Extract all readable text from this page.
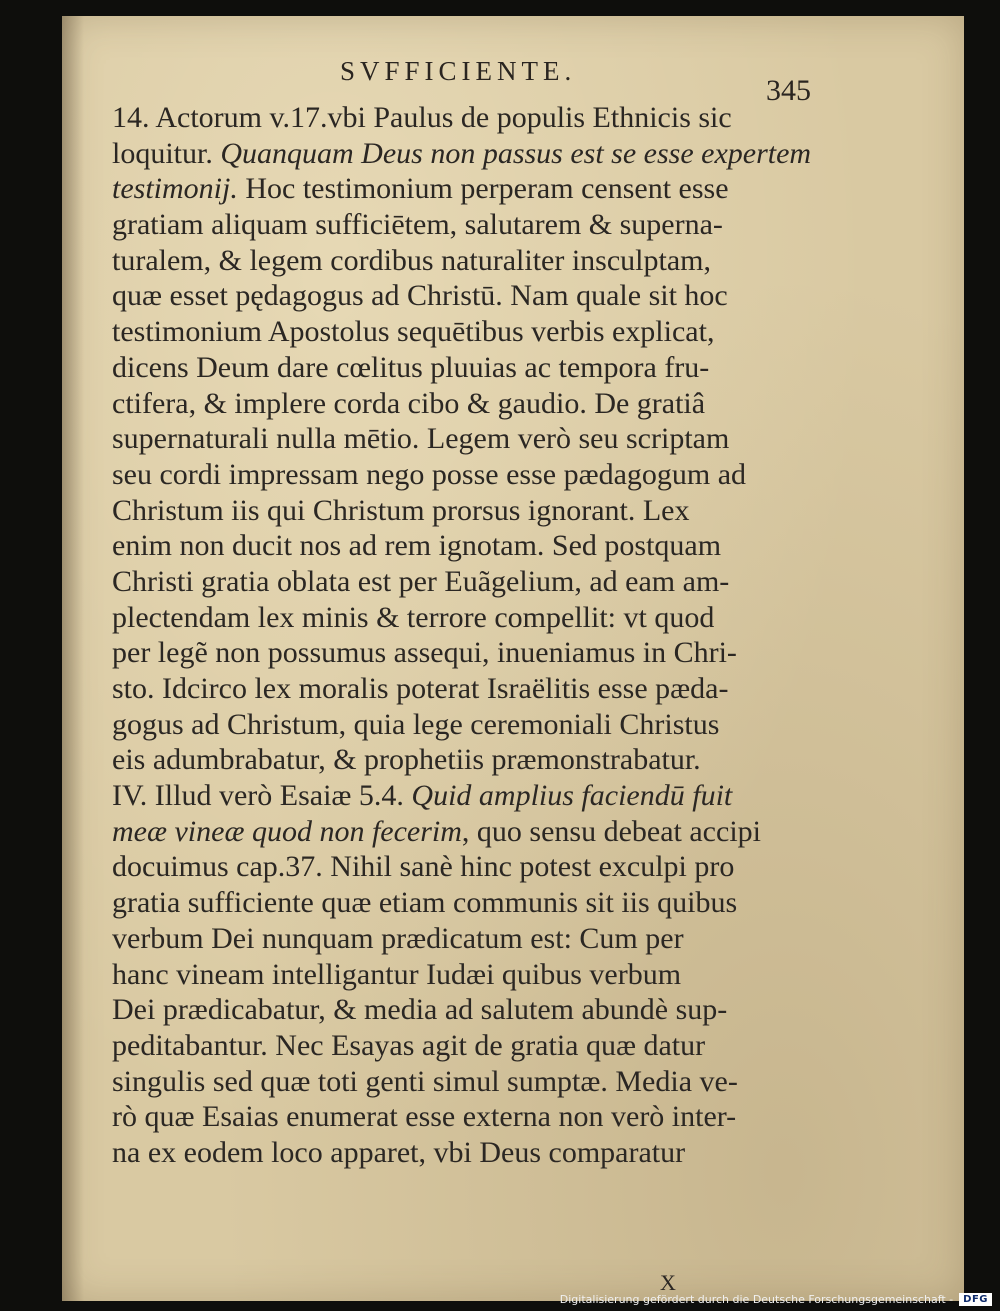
SVFFICIENTE.
345
14. Actorum v.17.vbi Paulus de populis Ethnicis sic
loquitur. Quanquam Deus non passus est se esse expertem
testimonij. Hoc testimonium perperam censent esse
gratiam aliquam sufficiētem, salutarem & superna-
turalem, & legem cordibus naturaliter insculptam,
quæ esset pędagogus ad Christū. Nam quale sit hoc
testimonium Apostolus sequētibus verbis explicat,
dicens Deum dare cœlitus pluuias ac tempora fru-
ctifera, & implere corda cibo & gaudio. De gratiâ
supernaturali nulla mētio. Legem verò seu scriptam
seu cordi impressam nego posse esse pædagogum ad
Christum iis qui Christum prorsus ignorant. Lex
enim non ducit nos ad rem ignotam. Sed postquam
Christi gratia oblata est per Euãgelium, ad eam am-
plectendam lex minis & terrore compellit: vt quod
per legẽ non possumus assequi, inueniamus in Chri-
sto. Idcirco lex moralis poterat Israëlitis esse pæda-
gogus ad Christum, quia lege ceremoniali Christus
eis adumbrabatur, & prophetiis præmonstrabatur.
IV. Illud verò Esaiæ 5.4. Quid amplius faciendū fuit
meæ vineæ quod non fecerim, quo sensu debeat accipi
docuimus cap.37. Nihil sanè hinc potest exculpi pro
gratia sufficiente quæ etiam communis sit iis quibus
verbum Dei nunquam prædicatum est: Cum per
hanc vineam intelligantur Iudæi quibus verbum
Dei prædicabatur, & media ad salutem abundè sup-
peditabantur. Nec Esayas agit de gratia quæ datur
singulis sed quæ toti genti simul sumptæ. Media ve-
rò quæ Esaias enumerat esse externa non verò inter-
na ex eodem loco apparet, vbi Deus comparatur
X
Digitalisierung gefördert durch die Deutsche Forschungsgemeinschaft -	DFG
